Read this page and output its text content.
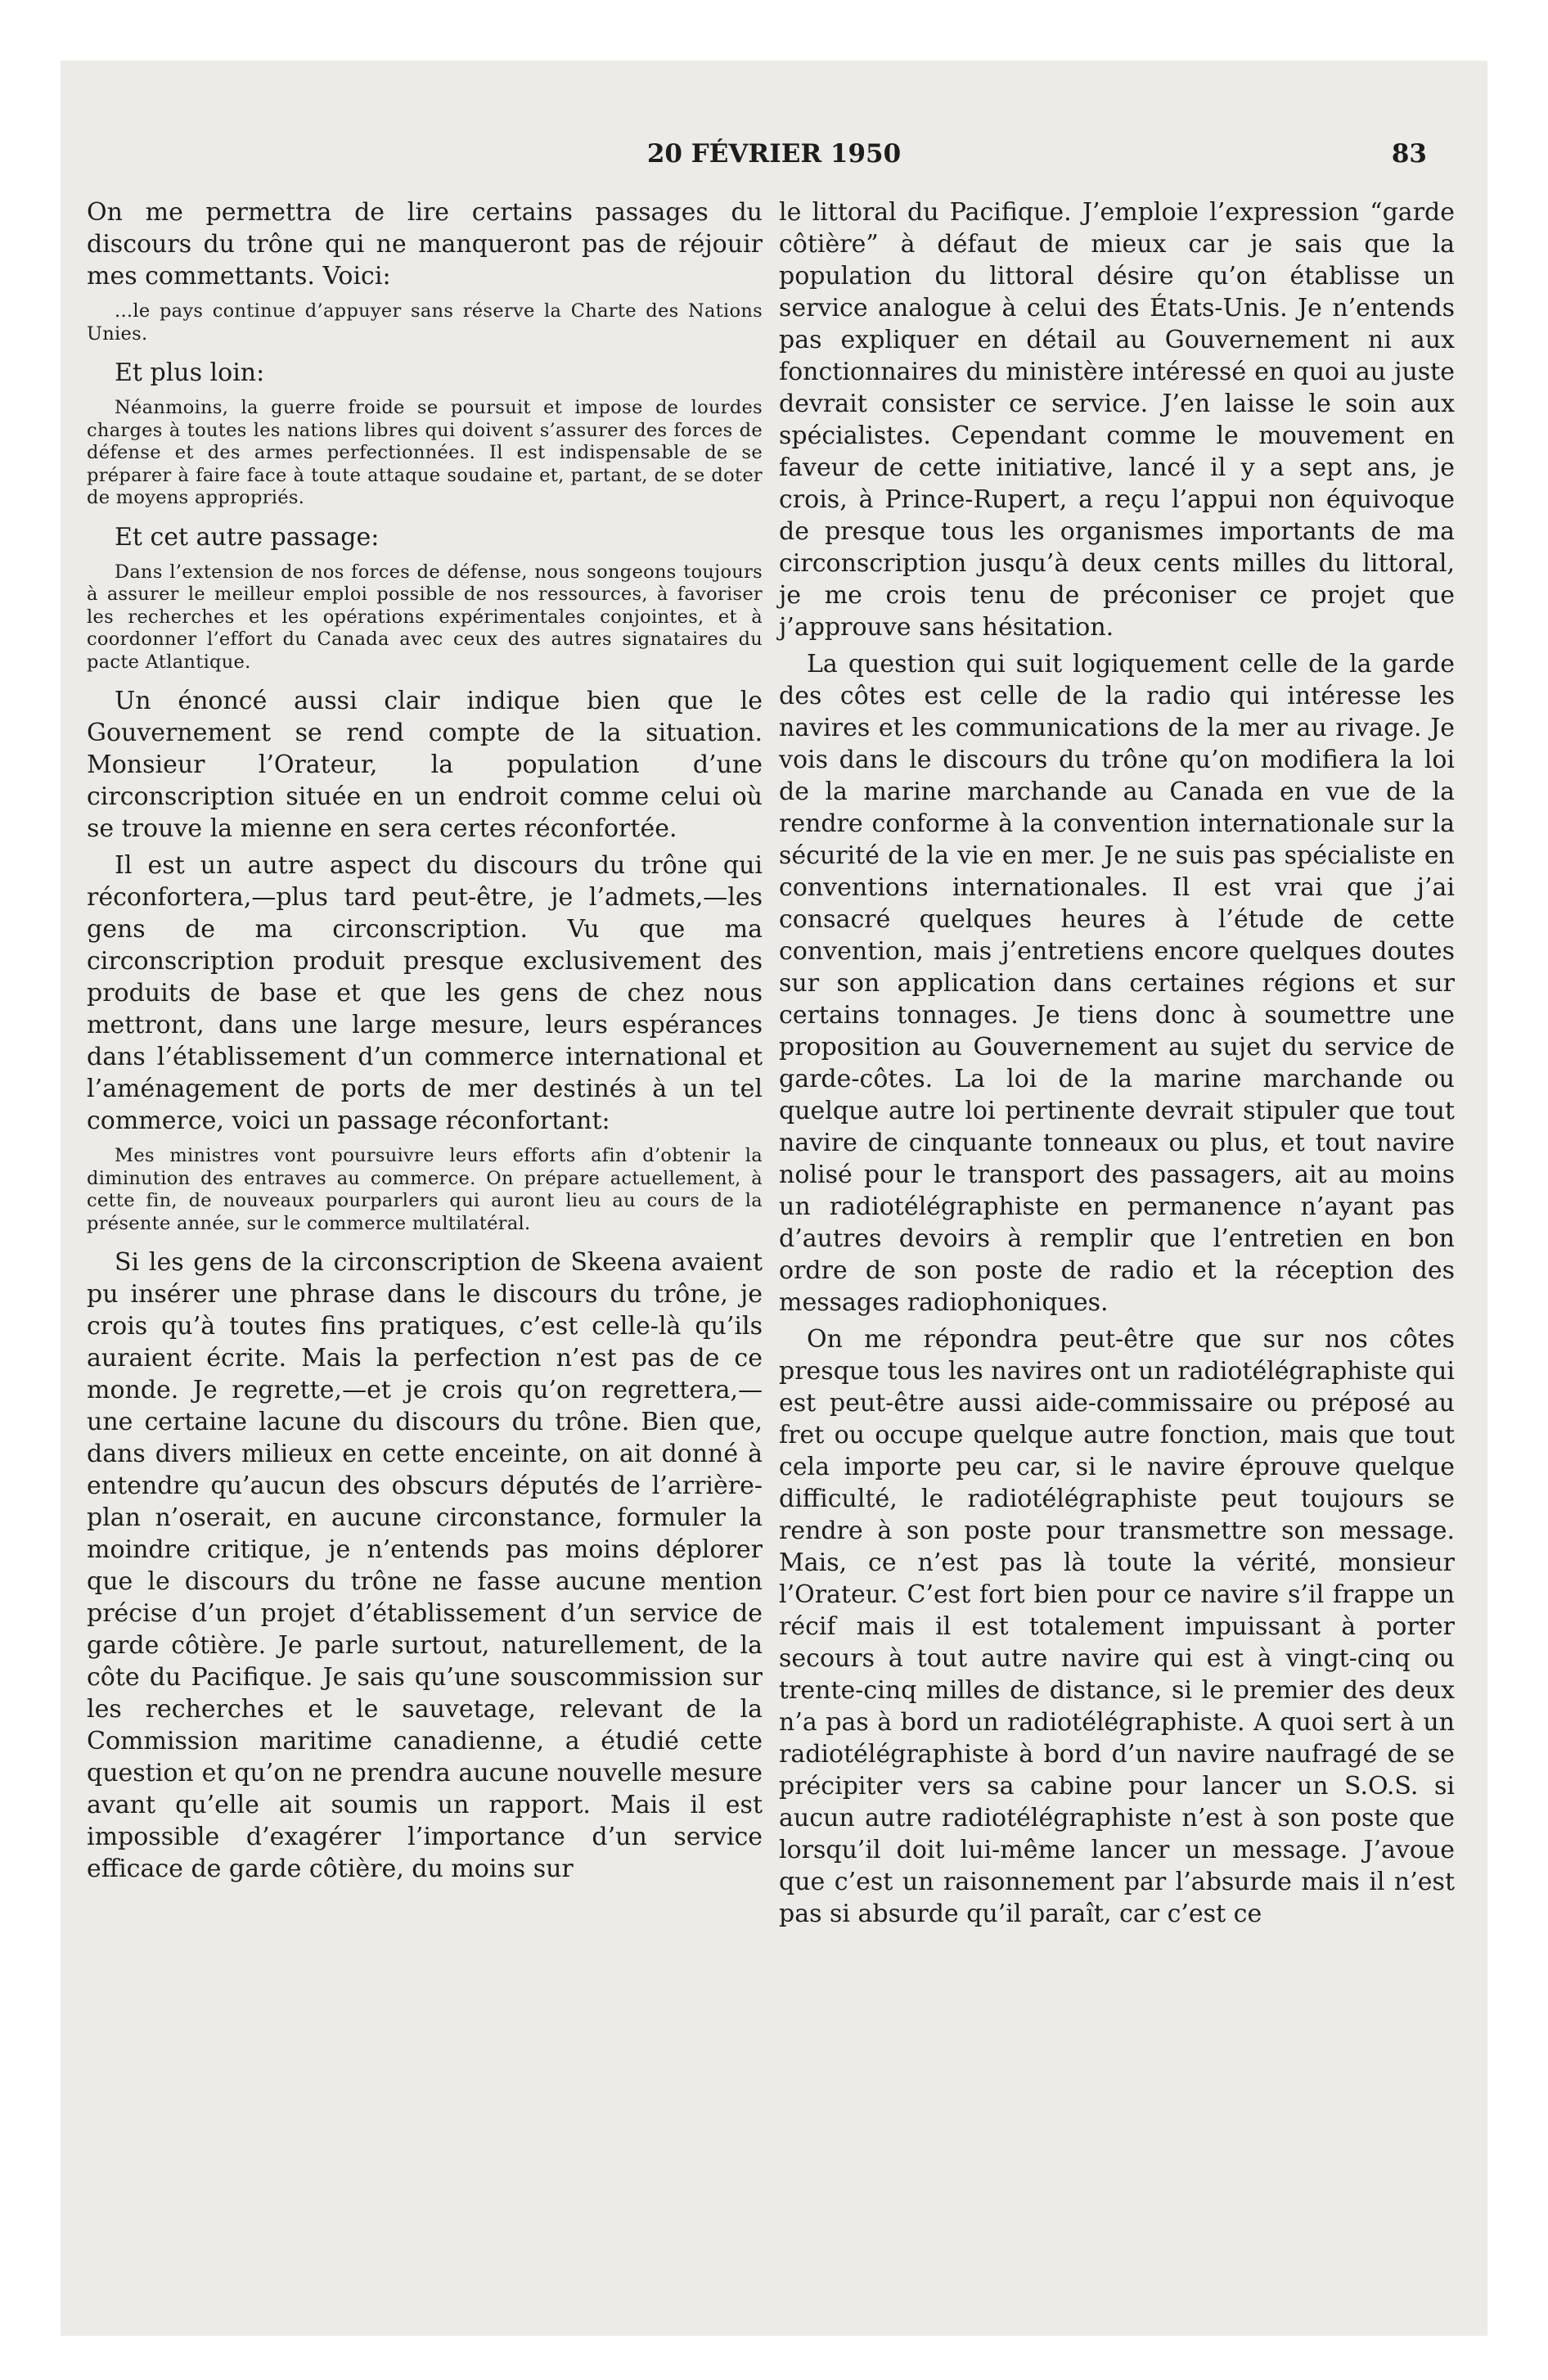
20 FÉVRIER 1950	83

On me permettra de lire certains passages du discours du trône qui ne manqueront pas de réjouir mes commettants. Voici:

...le pays continue d’appuyer sans réserve la Charte des Nations Unies.

Et plus loin:

Néanmoins, la guerre froide se poursuit et impose de lourdes charges à toutes les nations libres qui doivent s’assurer des forces de défense et des armes perfectionnées. Il est indispensable de se préparer à faire face à toute attaque soudaine et, partant, de se doter de moyens appropriés.

Et cet autre passage:

Dans l’extension de nos forces de défense, nous songeons toujours à assurer le meilleur emploi possible de nos ressources, à favoriser les recherches et les opérations expérimentales conjointes, et à coordonner l’effort du Canada avec ceux des autres signataires du pacte Atlantique.

Un énoncé aussi clair indique bien que le Gouvernement se rend compte de la situation. Monsieur l’Orateur, la population d’une circonscription située en un endroit comme celui où se trouve la mienne en sera certes réconfortée.

Il est un autre aspect du discours du trône qui réconfortera,—plus tard peut-être, je l’admets,—les gens de ma circonscription. Vu que ma circonscription produit presque exclusivement des produits de base et que les gens de chez nous mettront, dans une large mesure, leurs espérances dans l’établissement d’un commerce international et l’aménagement de ports de mer destinés à un tel commerce, voici un passage réconfortant:

Mes ministres vont poursuivre leurs efforts afin d’obtenir la diminution des entraves au commerce. On prépare actuellement, à cette fin, de nouveaux pourparlers qui auront lieu au cours de la présente année, sur le commerce multilatéral.

Si les gens de la circonscription de Skeena avaient pu insérer une phrase dans le discours du trône, je crois qu’à toutes fins pratiques, c’est celle-là qu’ils auraient écrite. Mais la perfection n’est pas de ce monde. Je regrette,—et je crois qu’on regrettera,—une certaine lacune du discours du trône. Bien que, dans divers milieux en cette enceinte, on ait donné à entendre qu’aucun des obscurs députés de l’arrière-plan n’oserait, en aucune circonstance, formuler la moindre critique, je n’entends pas moins déplorer que le discours du trône ne fasse aucune mention précise d’un projet d’établissement d’un service de garde côtière. Je parle surtout, naturellement, de la côte du Pacifique. Je sais qu’une souscommission sur les recherches et le sauvetage, relevant de la Commission maritime canadienne, a étudié cette question et qu’on ne prendra aucune nouvelle mesure avant qu’elle ait soumis un rapport. Mais il est impossible d’exagérer l’importance d’un service efficace de garde côtière, du moins sur

le littoral du Pacifique. J’emploie l’expression “garde côtière” à défaut de mieux car je sais que la population du littoral désire qu’on établisse un service analogue à celui des États-Unis. Je n’entends pas expliquer en détail au Gouvernement ni aux fonctionnaires du ministère intéressé en quoi au juste devrait consister ce service. J’en laisse le soin aux spécialistes. Cependant comme le mouvement en faveur de cette initiative, lancé il y a sept ans, je crois, à Prince-Rupert, a reçu l’appui non équivoque de presque tous les organismes importants de ma circonscription jusqu’à deux cents milles du littoral, je me crois tenu de préconiser ce projet que j’approuve sans hésitation.

La question qui suit logiquement celle de la garde des côtes est celle de la radio qui intéresse les navires et les communications de la mer au rivage. Je vois dans le discours du trône qu’on modifiera la loi de la marine marchande au Canada en vue de la rendre conforme à la convention internationale sur la sécurité de la vie en mer. Je ne suis pas spécialiste en conventions internationales. Il est vrai que j’ai consacré quelques heures à l’étude de cette convention, mais j’entretiens encore quelques doutes sur son application dans certaines régions et sur certains tonnages. Je tiens donc à soumettre une proposition au Gouvernement au sujet du service de garde-côtes. La loi de la marine marchande ou quelque autre loi pertinente devrait stipuler que tout navire de cinquante tonneaux ou plus, et tout navire nolisé pour le transport des passagers, ait au moins un radiotélégraphiste en permanence n’ayant pas d’autres devoirs à remplir que l’entretien en bon ordre de son poste de radio et la réception des messages radiophoniques.

On me répondra peut-être que sur nos côtes presque tous les navires ont un radiotélégraphiste qui est peut-être aussi aide-commissaire ou préposé au fret ou occupe quelque autre fonction, mais que tout cela importe peu car, si le navire éprouve quelque difficulté, le radiotélégraphiste peut toujours se rendre à son poste pour transmettre son message. Mais, ce n’est pas là toute la vérité, monsieur l’Orateur. C’est fort bien pour ce navire s’il frappe un récif mais il est totalement impuissant à porter secours à tout autre navire qui est à vingt-cinq ou trente-cinq milles de distance, si le premier des deux n’a pas à bord un radiotélégraphiste. A quoi sert à un radiotélégraphiste à bord d’un navire naufragé de se précipiter vers sa cabine pour lancer un S.O.S. si aucun autre radiotélégraphiste n’est à son poste que lorsqu’il doit lui-même lancer un message. J’avoue que c’est un raisonnement par l’absurde mais il n’est pas si absurde qu’il paraît, car c’est ce
